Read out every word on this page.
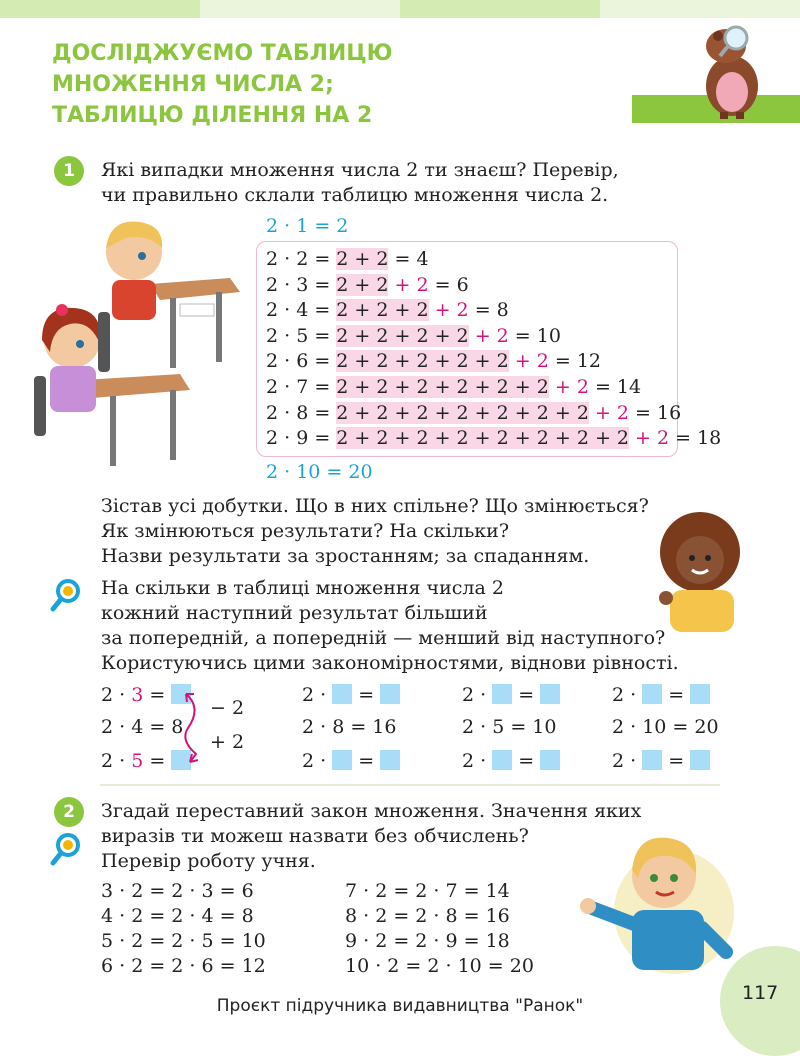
ДОСЛІДЖУЄМО ТАБЛИЦЮ
МНОЖЕННЯ ЧИСЛА 2;
ТАБЛИЦЮ ДІЛЕННЯ НА 2
1	Які випадки множення числа 2 ти знаєш? Перевір,
чи правильно склали таблицю множення числа 2.
2 · 1 = 2
2 · 2 = 2 + 2 = 4
2 · 3 = 2 + 2 + 2 = 6
2 · 4 = 2 + 2 + 2 + 2 = 8
2 · 5 = 2 + 2 + 2 + 2 + 2 = 10
2 · 6 = 2 + 2 + 2 + 2 + 2 + 2 = 12
2 · 7 = 2 + 2 + 2 + 2 + 2 + 2 + 2 = 14
2 · 8 = 2 + 2 + 2 + 2 + 2 + 2 + 2 + 2 = 16
2 · 9 = 2 + 2 + 2 + 2 + 2 + 2 + 2 + 2 + 2 = 18
2 · 10 = 20
Зістав усі добутки. Що в них спільне? Що змінюється?
Як змінюються результати? На скільки?
Назви результати за зростанням; за спаданням.
На скільки в таблиці множення числа 2
кожний наступний результат більший
за попередній, а попередній — менший від наступного?
Користуючись цими закономірностями, віднови рівності.
2 · 3 =
2 · 4 = 8
2 · 5 =
− 2
+ 2
2 ·  =
2 · 8 = 16
2 ·  =
2 ·  =
2 · 5 = 10
2 ·  =
2 ·  =
2 · 10 = 20
2 ·  =
2	Згадай переставний закон множення. Значення яких
виразів ти можеш назвати без обчислень?
Перевір роботу учня.
3 · 2 = 2 · 3 = 6
4 · 2 = 2 · 4 = 8
5 · 2 = 2 · 5 = 10
6 · 2 = 2 · 6 = 12
7 · 2 = 2 · 7 = 14
8 · 2 = 2 · 8 = 16
9 · 2 = 2 · 9 = 18
10 · 2 = 2 · 10 = 20
117
Проєкт підручника видавництва "Ранок"
